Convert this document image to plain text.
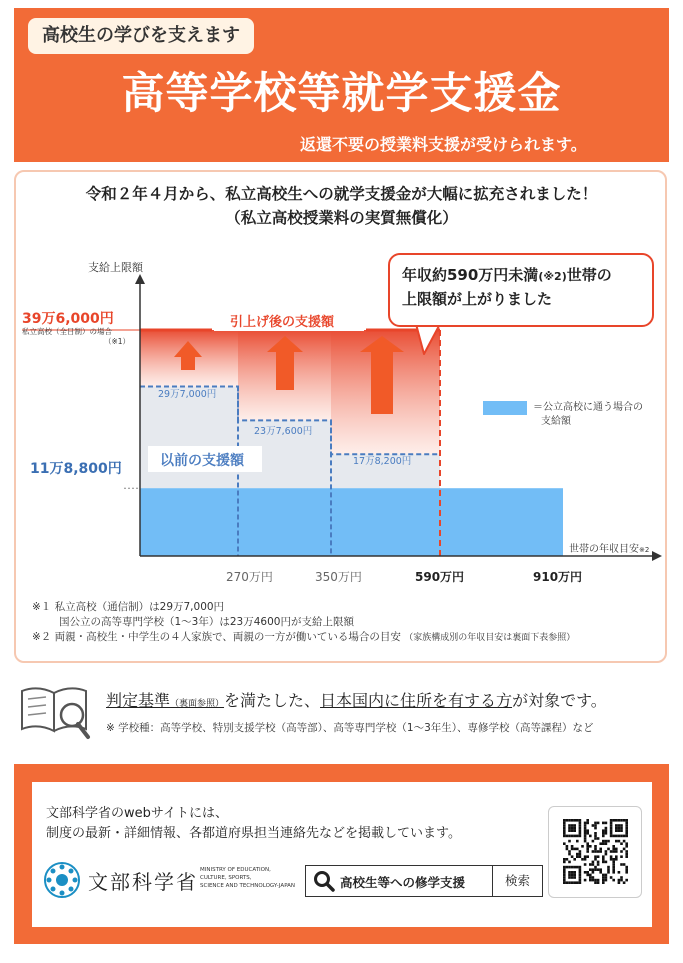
高校生の学びを支えます
高等学校等就学支援金
返還不要の授業料支援が受けられます。
令和２年４月から、私立高校生への就学支援金が大幅に拡充されました！
（私立高校授業料の実質無償化）
29万7,000円
23万7,600円
17万8,200円
引上げ後の支援額
以前の支援額
支給上限額
39万6,000円
私立高校（全日制）の場合
（※1）
11万8,800円
年収約590万円未満(※2)世帯の
上限額が上がりました
＝公立高校に通う場合の
支給額
世帯の年収目安※2
270万円	350万円	590万円	910万円
※１ 私立高校（通信制）は29万7,000円
国公立の高等専門学校（1～3年）は23万4600円が支給上限額
※２ 両親・高校生・中学生の４人家族で、両親の一方が働いている場合の目安 （家族構成別の年収目安は裏面下表参照）
判定基準（裏面参照）を満たした、日本国内に住所を有する方が対象です。
※ 学校種：高等学校、特別支援学校（高等部）、高等専門学校（1～3年生）、専修学校（高等課程）など
文部科学省のwebサイトには、
制度の最新・詳細情報、各都道府県担当連絡先などを掲載しています。
文部科学省 MINISTRY OF EDUCATION,
CULTURE, SPORTS,
SCIENCE AND TECHNOLOGY-JAPAN	高校生等への修学支援	検索
